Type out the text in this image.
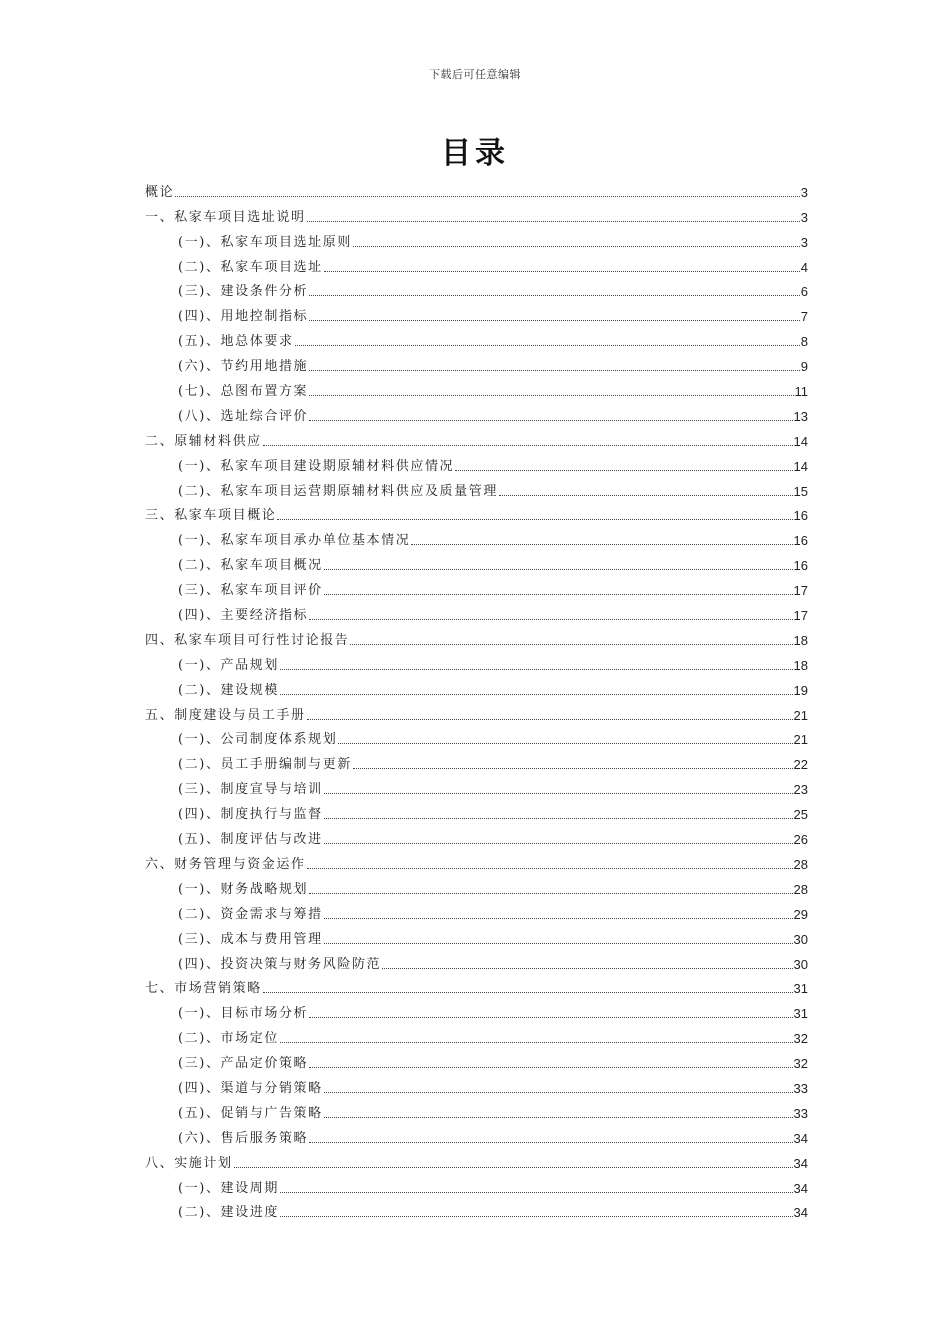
下载后可任意编辑
目录
概论	3
一、私家车项目选址说明	3
(一)、私家车项目选址原则	3
(二)、私家车项目选址	4
(三)、建设条件分析	6
(四)、用地控制指标	7
(五)、地总体要求	8
(六)、节约用地措施	9
(七)、总图布置方案	11
(八)、选址综合评价	13
二、原辅材料供应	14
(一)、私家车项目建设期原辅材料供应情况	14
(二)、私家车项目运营期原辅材料供应及质量管理	15
三、私家车项目概论	16
(一)、私家车项目承办单位基本情况	16
(二)、私家车项目概况	16
(三)、私家车项目评价	17
(四)、主要经济指标	17
四、私家车项目可行性讨论报告	18
(一)、产品规划	18
(二)、建设规模	19
五、制度建设与员工手册	21
(一)、公司制度体系规划	21
(二)、员工手册编制与更新	22
(三)、制度宣导与培训	23
(四)、制度执行与监督	25
(五)、制度评估与改进	26
六、财务管理与资金运作	28
(一)、财务战略规划	28
(二)、资金需求与筹措	29
(三)、成本与费用管理	30
(四)、投资决策与财务风险防范	30
七、市场营销策略	31
(一)、目标市场分析	31
(二)、市场定位	32
(三)、产品定价策略	32
(四)、渠道与分销策略	33
(五)、促销与广告策略	33
(六)、售后服务策略	34
八、实施计划	34
(一)、建设周期	34
(二)、建设进度	34
